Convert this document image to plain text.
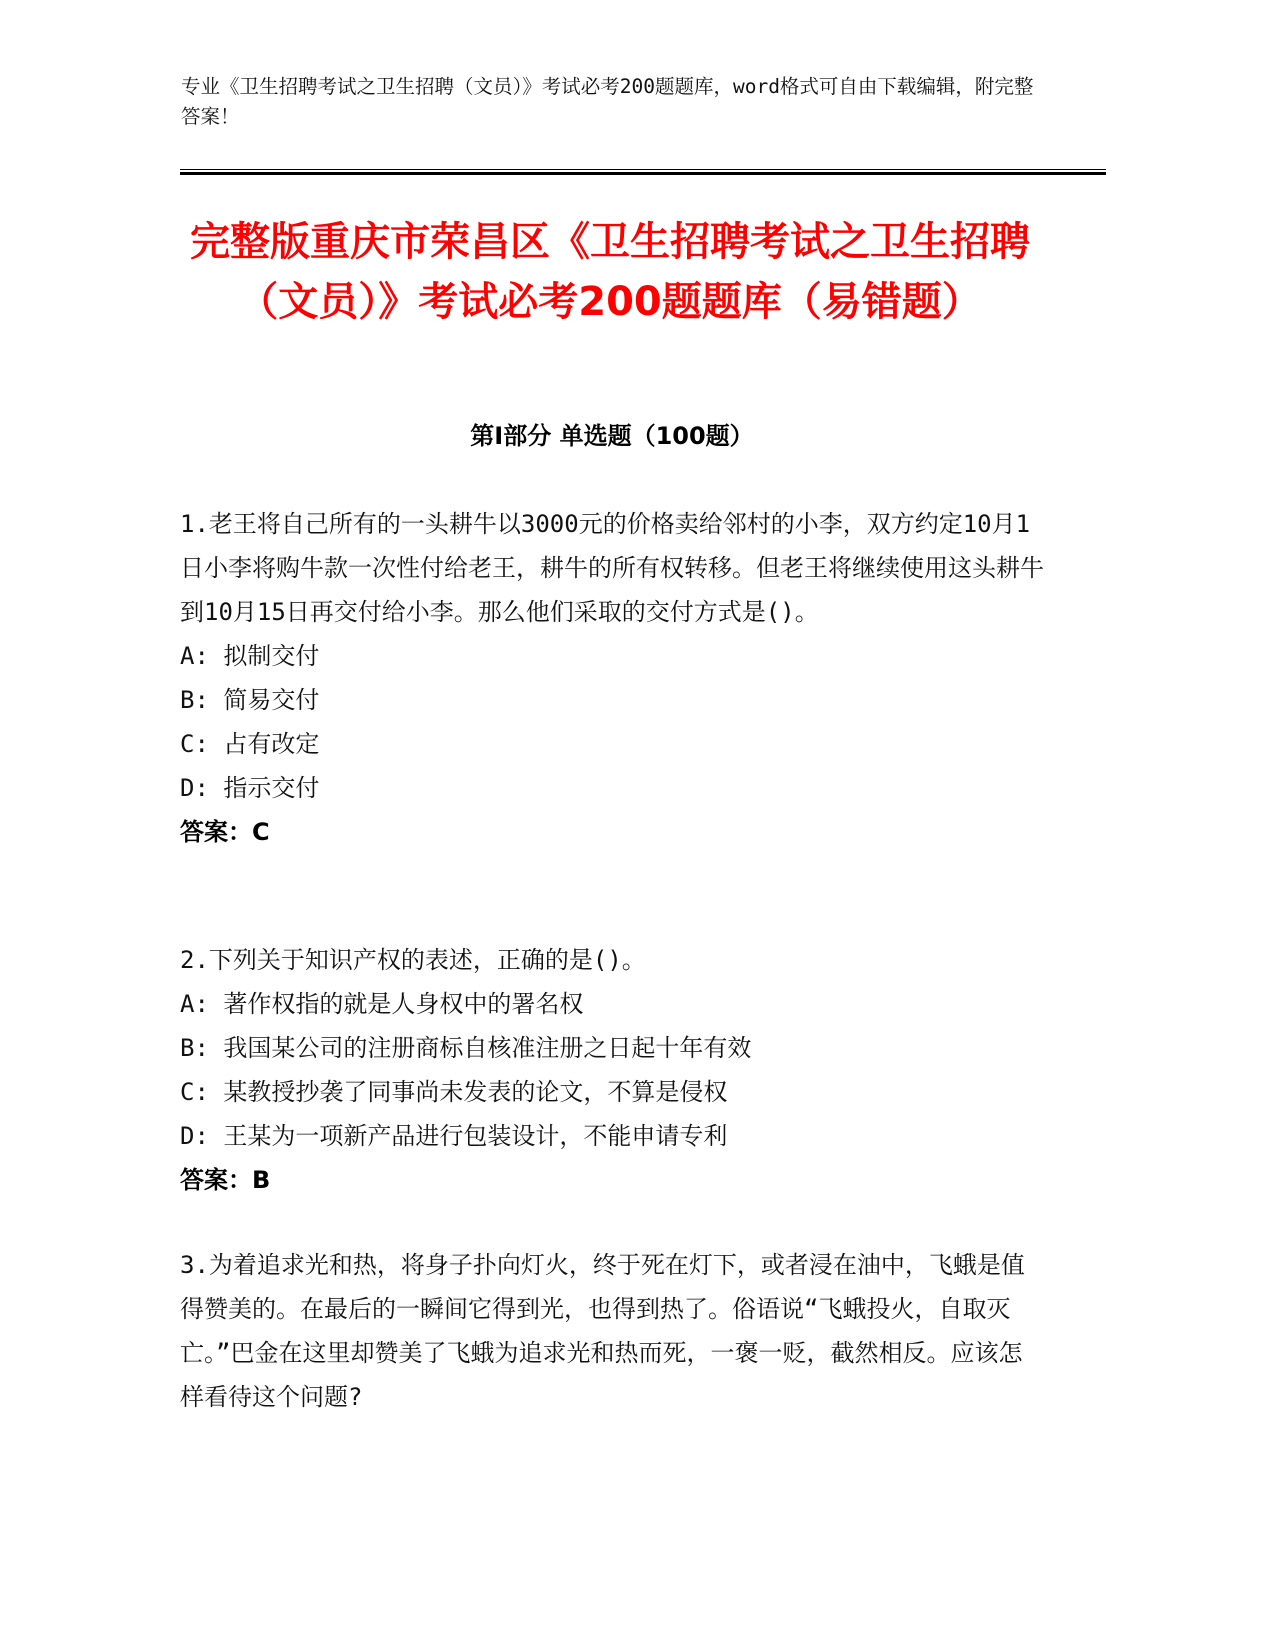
专业《卫生招聘考试之卫生招聘（文员）》考试必考200题题库，word格式可自由下载编辑，附完整答案！
完整版重庆市荣昌区《卫生招聘考试之卫生招聘（文员）》考试必考200题题库（易错题）
第I部分 单选题（100题）

1.老王将自己所有的一头耕牛以3000元的价格卖给邻村的小李，双方约定10月1日小李将购牛款一次性付给老王，耕牛的所有权转移。但老王将继续使用这头耕牛到10月15日再交付给小李。那么他们采取的交付方式是()。

A: 拟制交付

B: 简易交付

C: 占有改定

D: 指示交付

答案：C

2.下列关于知识产权的表述，正确的是()。

A: 著作权指的就是人身权中的署名权

B: 我国某公司的注册商标自核准注册之日起十年有效

C: 某教授抄袭了同事尚未发表的论文，不算是侵权

D: 王某为一项新产品进行包装设计，不能申请专利

答案：B

3.为着追求光和热，将身子扑向灯火，终于死在灯下，或者浸在油中，飞蛾是值得赞美的。在最后的一瞬间它得到光，也得到热了。俗语说“飞蛾投火，自取灭亡。”巴金在这里却赞美了飞蛾为追求光和热而死，一褒一贬，截然相反。应该怎样看待这个问题?
